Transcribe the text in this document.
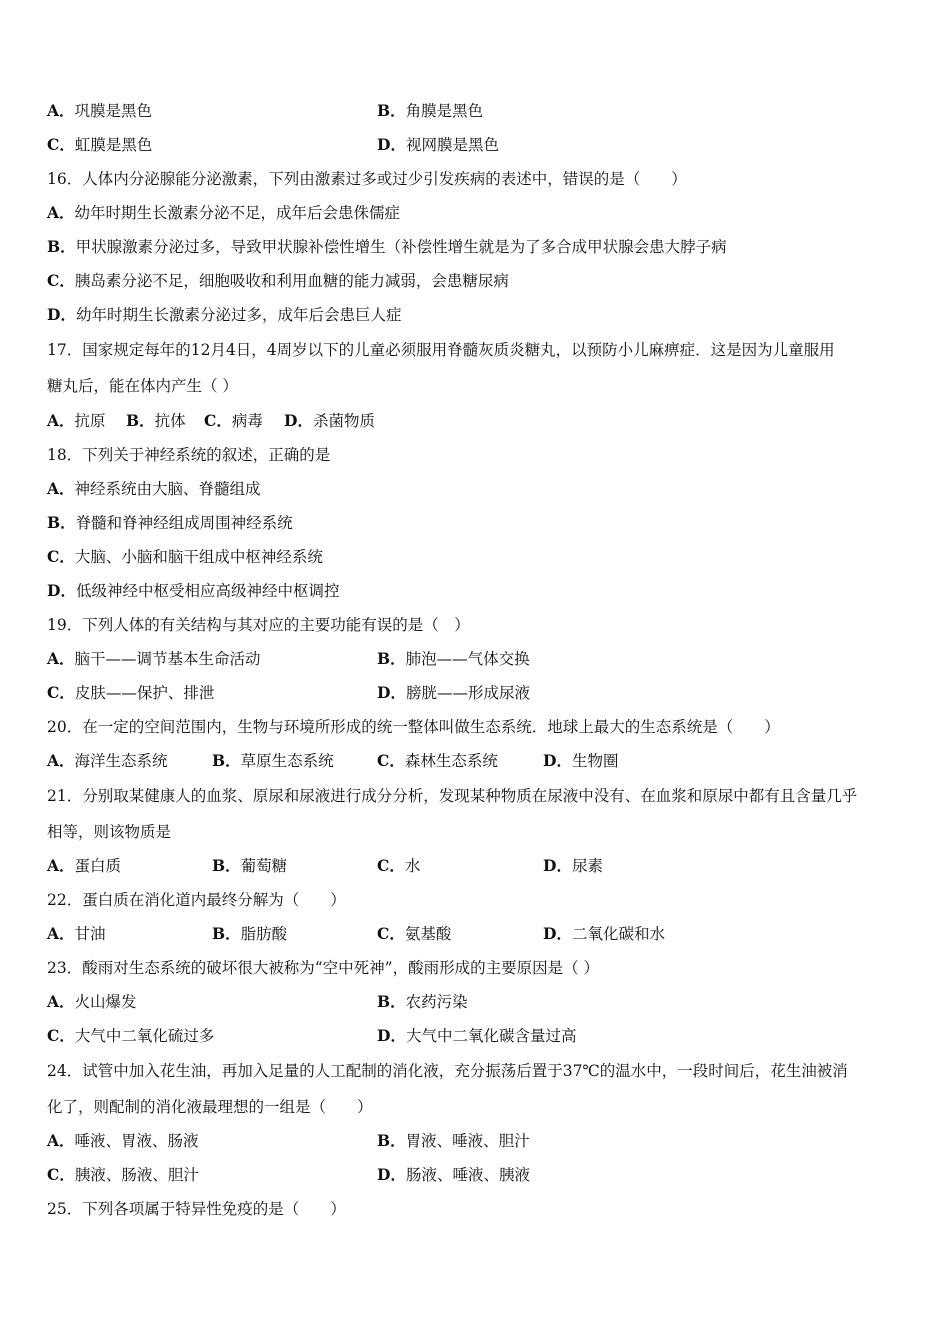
A．巩膜是黑色	B．角膜是黑色
C．虹膜是黑色	D．视网膜是黑色
16．人体内分泌腺能分泌激素，下列由激素过多或过少引发疾病的表述中，错误的是（　　）
A．幼年时期生长激素分泌不足，成年后会患侏儒症
B．甲状腺激素分泌过多，导致甲状腺补偿性增生（补偿性增生就是为了多合成甲状腺会患大脖子病
C．胰岛素分泌不足，细胞吸收和利用血糖的能力减弱，会患糖尿病
D．幼年时期生长激素分泌过多，成年后会患巨人症
17．国家规定每年的12月4日，4周岁以下的儿童必须服用脊髓灰质炎糖丸，以预防小儿麻痹症．这是因为儿童服用
糖丸后，能在体内产生（ ）
A．抗原 B．抗体 C．病毒 D．杀菌物质
18．下列关于神经系统的叙述，正确的是
A．神经系统由大脑、脊髓组成
B．脊髓和脊神经组成周围神经系统
C．大脑、小脑和脑干组成中枢神经系统
D．低级神经中枢受相应高级神经中枢调控
19．下列人体的有关结构与其对应的主要功能有误的是（　）
A．脑干——调节基本生命活动	B．肺泡——气体交换
C．皮肤——保护、排泄	D．膀胱——形成尿液
20．在一定的空间范围内，生物与环境所形成的统一整体叫做生态系统．地球上最大的生态系统是（　　）
A．海洋生态系统	B．草原生态系统	C．森林生态系统	D．生物圈
21．分别取某健康人的血浆、原尿和尿液进行成分分析，发现某种物质在尿液中没有、在血浆和原尿中都有且含量几乎
相等，则该物质是
A．蛋白质	B．葡萄糖	C．水	D．尿素
22．蛋白质在消化道内最终分解为（　　）
A．甘油	B．脂肪酸	C．氨基酸	D．二氧化碳和水
23．酸雨对生态系统的破坏很大被称为“空中死神”，酸雨形成的主要原因是（ ）
A．火山爆发	B．农药污染
C．大气中二氧化硫过多	D．大气中二氧化碳含量过高
24．试管中加入花生油，再加入足量的人工配制的消化液，充分振荡后置于37℃的温水中，一段时间后，花生油被消
化了，则配制的消化液最理想的一组是（　　）
A．唾液、胃液、肠液	B．胃液、唾液、胆汁
C．胰液、肠液、胆汁	D．肠液、唾液、胰液
25．下列各项属于特异性免疫的是（　　）
